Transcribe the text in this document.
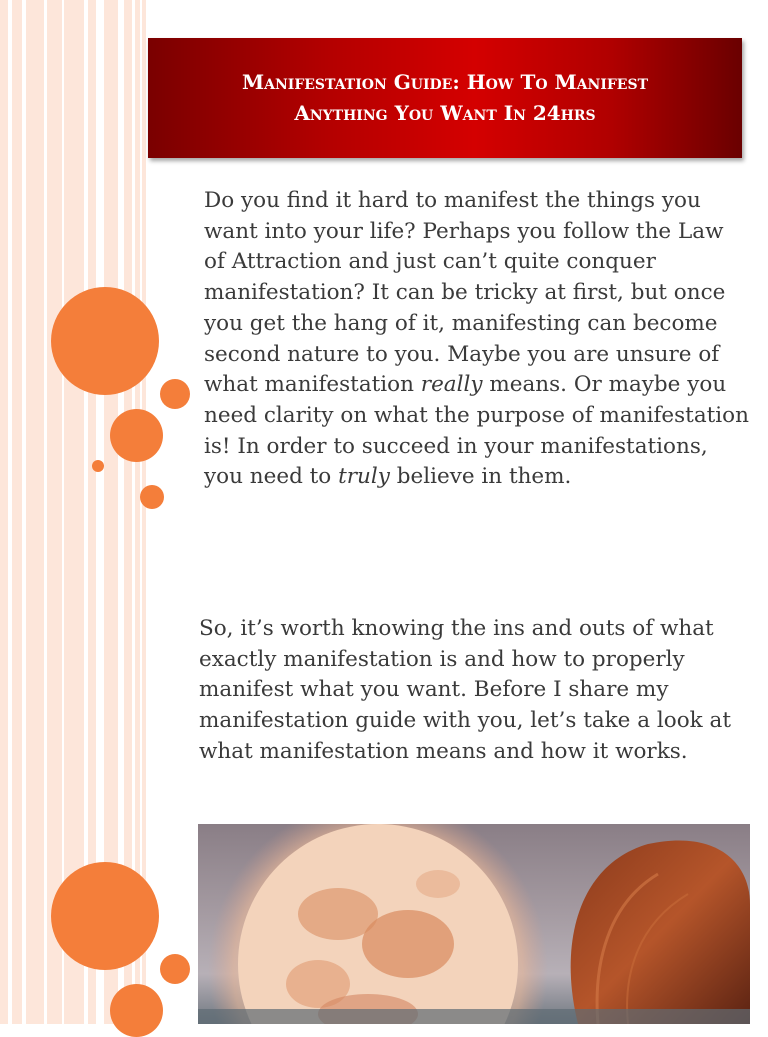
Manifestation Guide: How To Manifest
Anything You Want In 24hrs

Do you find it hard to manifest the things you want into your life? Perhaps you follow the Law of Attraction and just can’t quite conquer manifestation? It can be tricky at first, but once you get the hang of it, manifesting can become second nature to you. Maybe you are unsure of what manifestation really means. Or maybe you need clarity on what the purpose of manifestation is! In order to succeed in your manifestations, you need to truly believe in them.

So, it’s worth knowing the ins and outs of what exactly manifestation is and how to properly manifest what you want. Before I share my manifestation guide with you, let’s take a look at what manifestation means and how it works.
